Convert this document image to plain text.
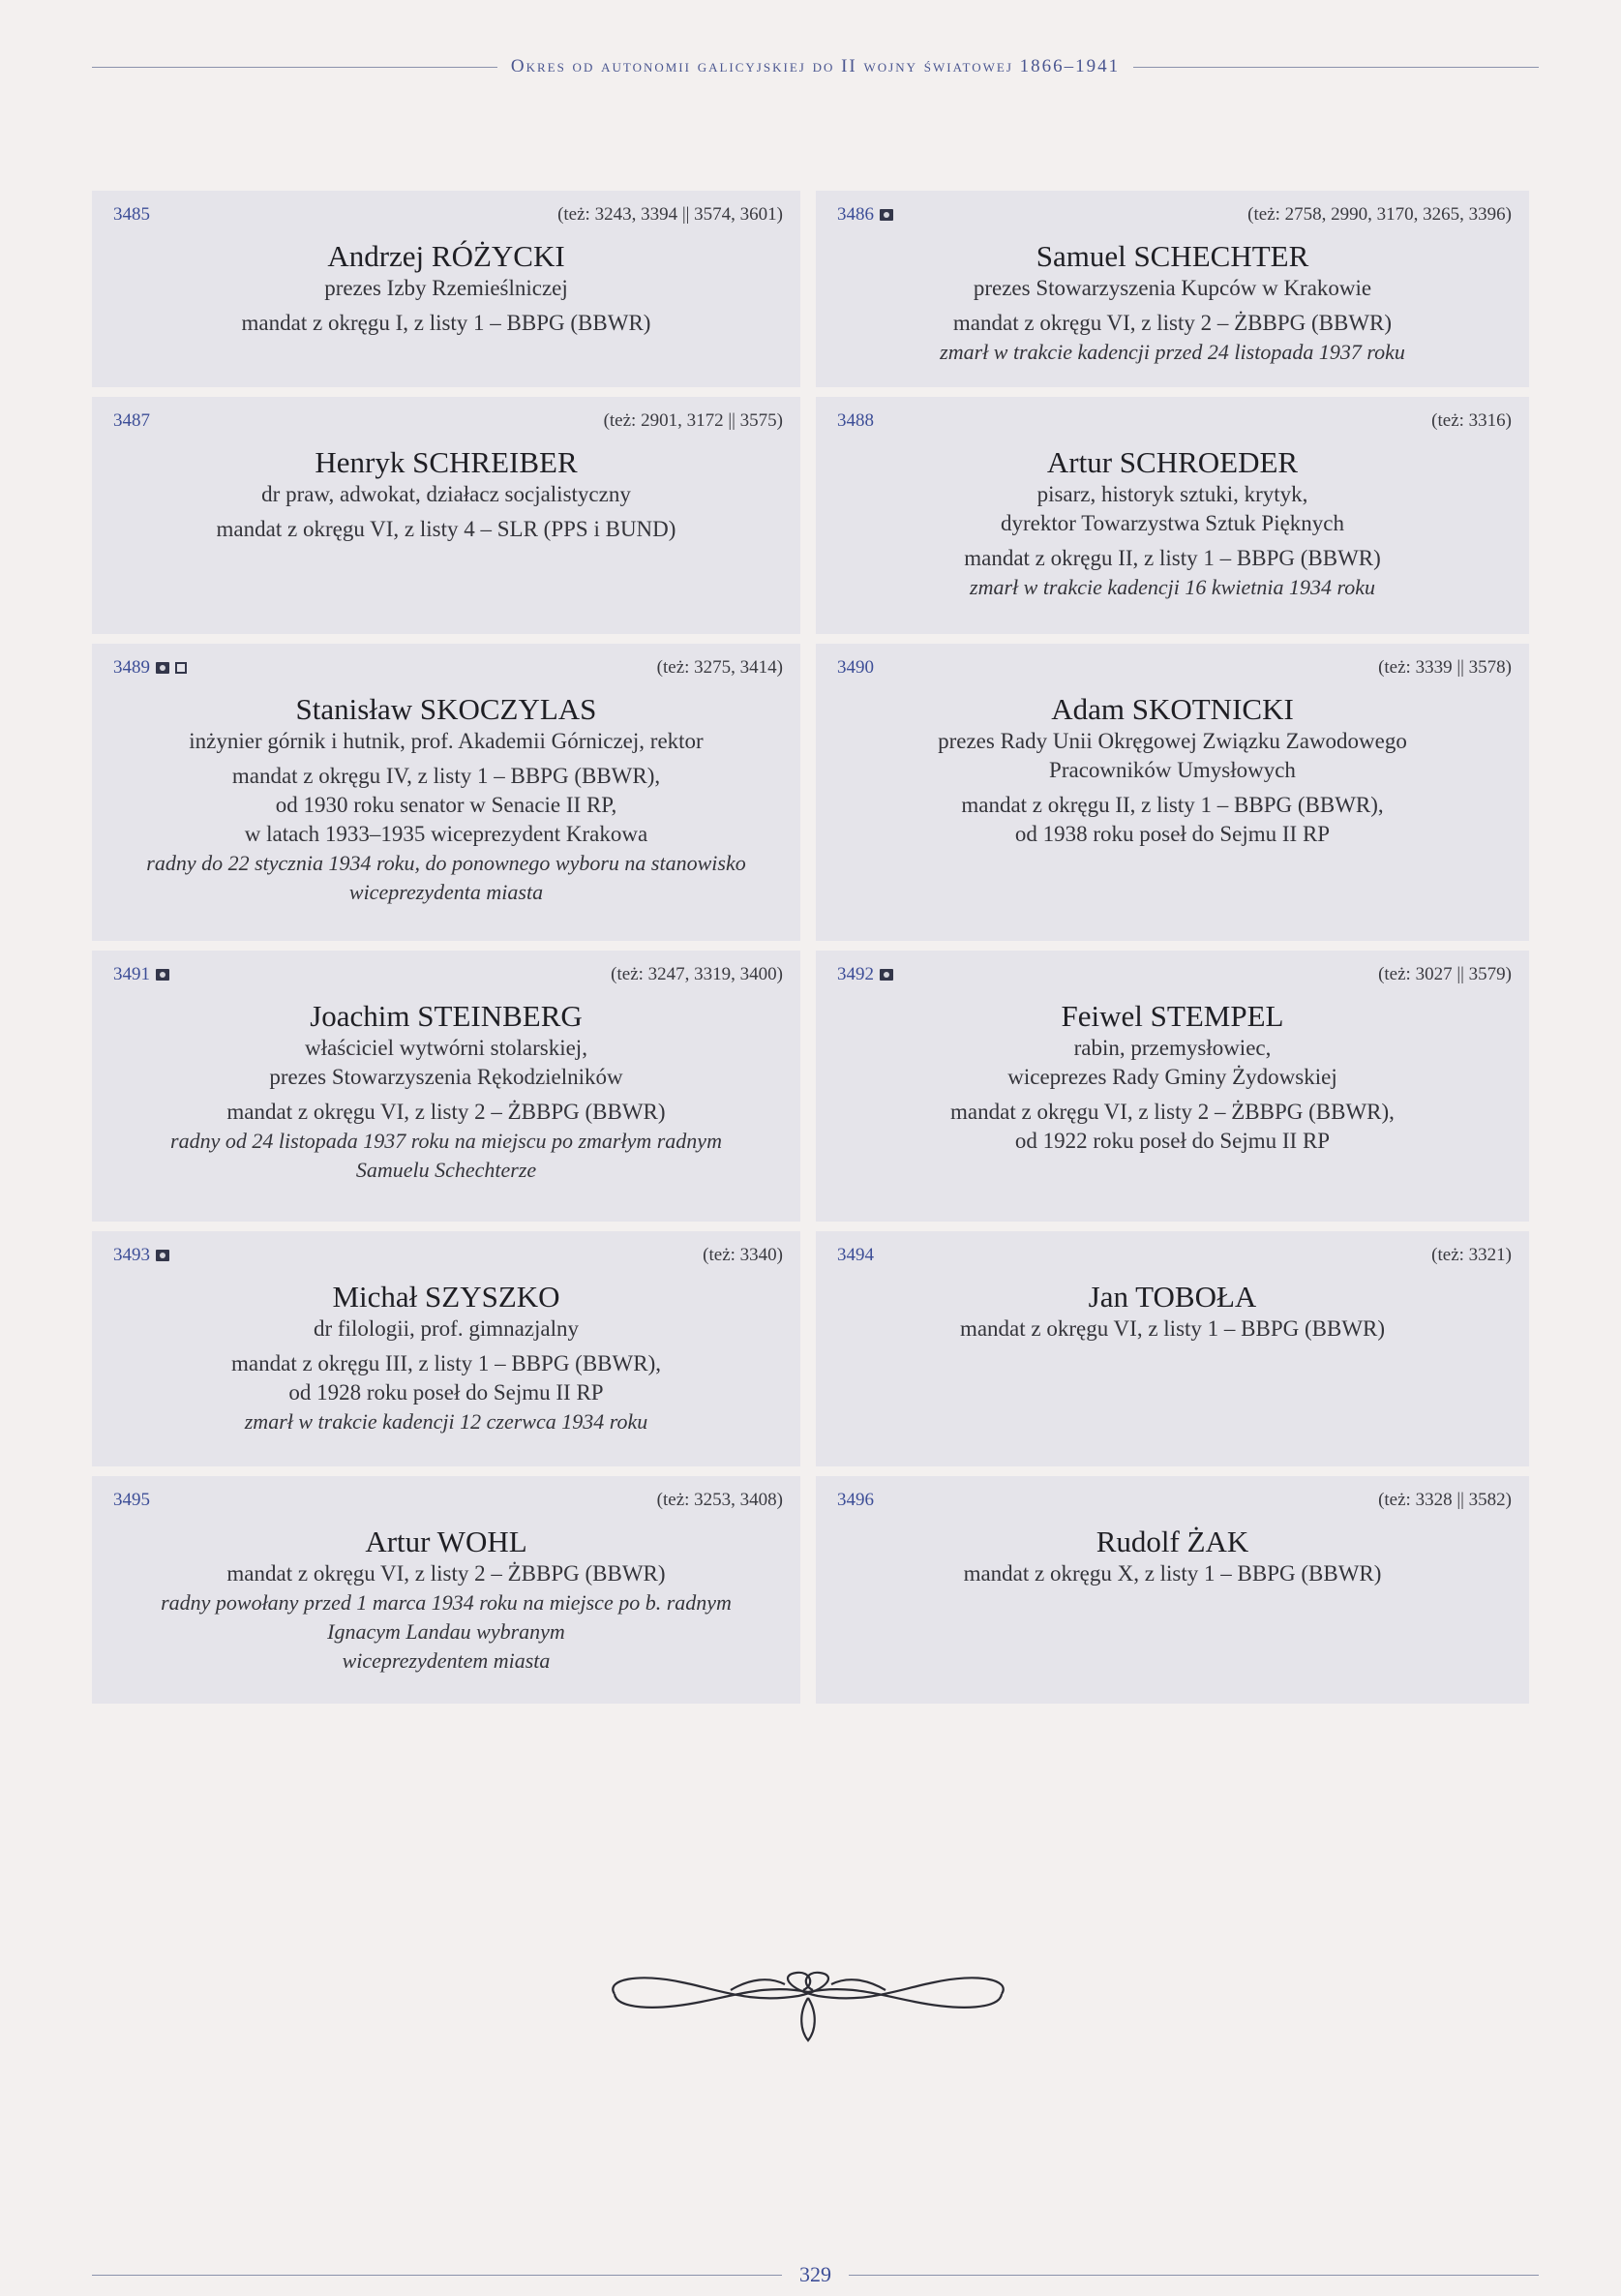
Okres od autonomii galicyjskiej do II wojny światowej 1866–1941
3485	(też: 3243, 3394 || 3574, 3601)
Andrzej RÓŻYCKI
prezes Izby Rzemieślniczej
mandat z okręgu I, z listy 1 – BBPG (BBWR)
3486	(też: 2758, 2990, 3170, 3265, 3396)
Samuel SCHECHTER
prezes Stowarzyszenia Kupców w Krakowie
mandat z okręgu VI, z listy 2 – ŻBBPG (BBWR)
zmarł w trakcie kadencji przed 24 listopada 1937 roku
3487	(też: 2901, 3172 || 3575)
Henryk SCHREIBER
dr praw, adwokat, działacz socjalistyczny
mandat z okręgu VI, z listy 4 – SLR (PPS i BUND)
3488	(też: 3316)
Artur SCHROEDER
pisarz, historyk sztuki, krytyk,
dyrektor Towarzystwa Sztuk Pięknych
mandat z okręgu II, z listy 1 – BBPG (BBWR)
zmarł w trakcie kadencji 16 kwietnia 1934 roku
3489	(też: 3275, 3414)
Stanisław SKOCZYLAS
inżynier górnik i hutnik, prof. Akademii Górniczej, rektor
mandat z okręgu IV, z listy 1 – BBPG (BBWR),
od 1930 roku senator w Senacie II RP,
w latach 1933–1935 wiceprezydent Krakowa
radny do 22 stycznia 1934 roku, do ponownego wyboru na stanowisko
wiceprezydenta miasta
3490	(też: 3339 || 3578)
Adam SKOTNICKI
prezes Rady Unii Okręgowej Związku Zawodowego
Pracowników Umysłowych
mandat z okręgu II, z listy 1 – BBPG (BBWR),
od 1938 roku poseł do Sejmu II RP
3491	(też: 3247, 3319, 3400)
Joachim STEINBERG
właściciel wytwórni stolarskiej,
prezes Stowarzyszenia Rękodzielników
mandat z okręgu VI, z listy 2 – ŻBBPG (BBWR)
radny od 24 listopada 1937 roku na miejscu po zmarłym radnym
Samuelu Schechterze
3492	(też: 3027 || 3579)
Feiwel STEMPEL
rabin, przemysłowiec,
wiceprezes Rady Gminy Żydowskiej
mandat z okręgu VI, z listy 2 – ŻBBPG (BBWR),
od 1922 roku poseł do Sejmu II RP
3493	(też: 3340)
Michał SZYSZKO
dr filologii, prof. gimnazjalny
mandat z okręgu III, z listy 1 – BBPG (BBWR),
od 1928 roku poseł do Sejmu II RP
zmarł w trakcie kadencji 12 czerwca 1934 roku
3494	(też: 3321)
Jan TOBOŁA
mandat z okręgu VI, z listy 1 – BBPG (BBWR)
3495	(też: 3253, 3408)
Artur WOHL
mandat z okręgu VI, z listy 2 – ŻBBPG (BBWR)
radny powołany przed 1 marca 1934 roku na miejsce po b. radnym
Ignacym Landau wybranym
wiceprezydentem miasta
3496	(też: 3328 || 3582)
Rudolf ŻAK
mandat z okręgu X, z listy 1 – BBPG (BBWR)
329
